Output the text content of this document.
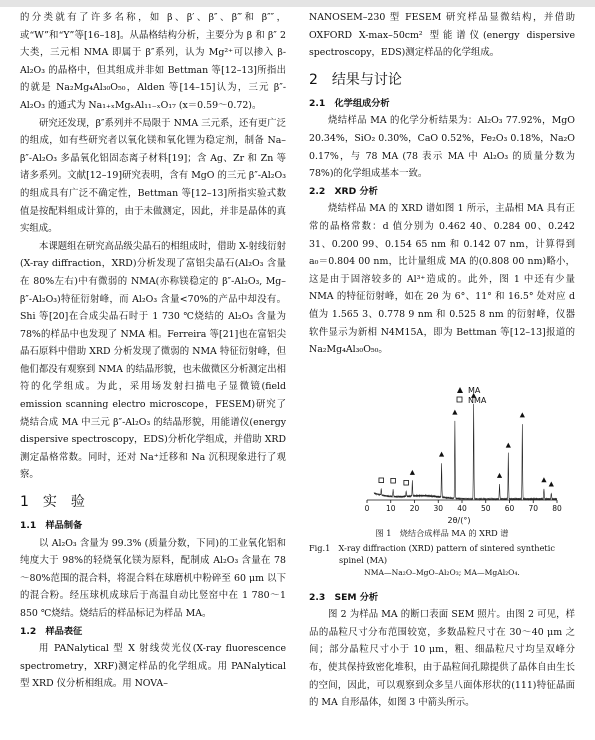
的分类就有了许多名称，如 β、β′、β″、β‴和 β″″，或“W”和“Y”等[16–18]。从晶格结构分析，主要分为 β 和 β″ 2 大类，三元相 NMA 即属于 β″系列，认为 Mg²⁺可以掺入 β-Al₂O₃ 的晶格中，但其组成并非如 Bettman 等[12–13]所指出的就是 Na₂Mg₄Al₃₀O₅₀，Alden 等[14–15]认为，三元 β″-Al₂O₃ 的通式为 Na₁₊ₓMgₓAl₁₁₋ₓO₁₇ (x＝0.59～0.72)。

研究还发现，β″系列并不局限于 NMA 三元系，还有更广泛的组成，如有些研究者以氧化镁和氧化锂为稳定剂，制备 Na–β″-Al₂O₃ 多晶氧化铝固态离子材料[19]；含 Ag、Zr 和 Zn 等诸多系列。文献[12–19]研究表明，含有 MgO 的三元 β″-Al₂O₃ 的组成具有广泛不确定性，Bettman 等[12–13]所指实验式数值是按配料组成计算的，由于未做测定，因此，并非是晶体的真实组成。

本课题组在研究高品级尖晶石的相组成时，借助 X-射线衍射(X-ray diffraction，XRD)分析发现了富铝尖晶石(Al₂O₃ 含量在 80%左右)中有微弱的 NMA(亦称镁稳定的 β″-Al₂O₃, Mg–β″-Al₂O₃)特征衍射峰，而 Al₂O₃ 含量<70%的产品中却没有。Shi 等[20]在合成尖晶石时于 1 730 ℃烧结的 Al₂O₃ 含量为 78%的样品中也发现了 NMA 相。Ferreira 等[21]也在富铝尖晶石原料中借助 XRD 分析发现了微弱的 NMA 特征衍射峰，但他们都没有观察到 NMA 的结晶形貌，也未做微区分析测定出相符的化学组成。为此，采用场发射扫描电子显微镜(field emission scanning electro microscope，FESEM)研究了烧结合成 MA 中三元 β″-Al₂O₃ 的结晶形貌，用能谱仪(energy dispersive spectroscopy，EDS)分析化学组成，并借助 XRD 测定晶格常数。同时，还对 Na⁺迁移和 Na 沉积现象进行了观察。

1　实　验

1.1　样品制备

以 Al₂O₃ 含量为 99.3% (质量分数，下同)的工业氧化铝和纯度大于 98%的轻烧氧化镁为原料，配制成 Al₂O₃ 含量在 78～80%范围的混合料，将混合料在球磨机中粉碎至 60 μm 以下的混合粉。经压球机成球后于高温自动比竖窑中在 1 780～1 850 ℃烧结。烧结后的样品标记为样品 MA。

1.2　样品表征

用 PANalytical 型 X 射线荧光仪(X-ray fluorescence spectrometry，XRF)测定样品的化学组成。用 PANalytical 型 XRD 仪分析相组成。用 NOVA–

NANOSEM–230 型 FESEM 研究样品显微结构，并借助 OXFORD X-max–50cm² 型能谱仪(energy dispersive spectroscopy，EDS)测定样品的化学组成。

2　结果与讨论

2.1　化学组成分析

烧结样品 MA 的化学分析结果为：Al₂O₃ 77.92%，MgO 20.34%，SiO₂ 0.30%，CaO 0.52%，Fe₂O₃ 0.18%，Na₂O 0.17%，与 78 MA (78 表示 MA 中 Al₂O₃ 的质量分数为 78%)的化学组成基本一致。

2.2　XRD 分析

烧结样品 MA 的 XRD 谱如图 1 所示，主晶相 MA 具有正常的晶格常数：d 值分别为 0.462 40、0.284 00、0.242 31、0.200 99、0.154 65 nm 和 0.142 07 nm，计算得到 a₀＝0.804 00 nm，比计量组成 MA 的(0.808 00 nm)略小，这是由于固溶较多的 Al³⁺造成的。此外，图 1 中还有少量 NMA 的特征衍射峰，如在 2θ 为 6°、11° 和 16.5° 处对应 d 值为 1.565 3、0.778 9 nm 和 0.525 8 nm 的衍射峰，仪器软件显示为新相 N4M15A，即为 Bettman 等[12–13]报道的 Na₂Mg₄Al₃₀O₅₀。

MA
NMA
0 10 20 30 40 50 60 70 80
2θ/(°)

图 1　烧结合成样品 MA 的 XRD 谱

Fig.1　X-ray diffraction (XRD) pattern of sintered synthetic spinel (MA)

NMA—Na₂O–MgO–Al₂O₃; MA—MgAl₂O₄.

2.3　SEM 分析

图 2 为样品 MA 的断口表面 SEM 照片。由图 2 可见，样品的晶粒尺寸分布范围较宽，多数晶粒尺寸在 30～40 μm 之间；部分晶粒尺寸小于 10 μm，粗、细晶粒尺寸均呈双峰分布，使其保持致密化堆积，由于晶粒间孔隙提供了晶体自由生长的空间，因此，可以观察到众多呈八面体形状的(111)特征晶面的 MA 自形晶体，如图 3 中箭头所示。
